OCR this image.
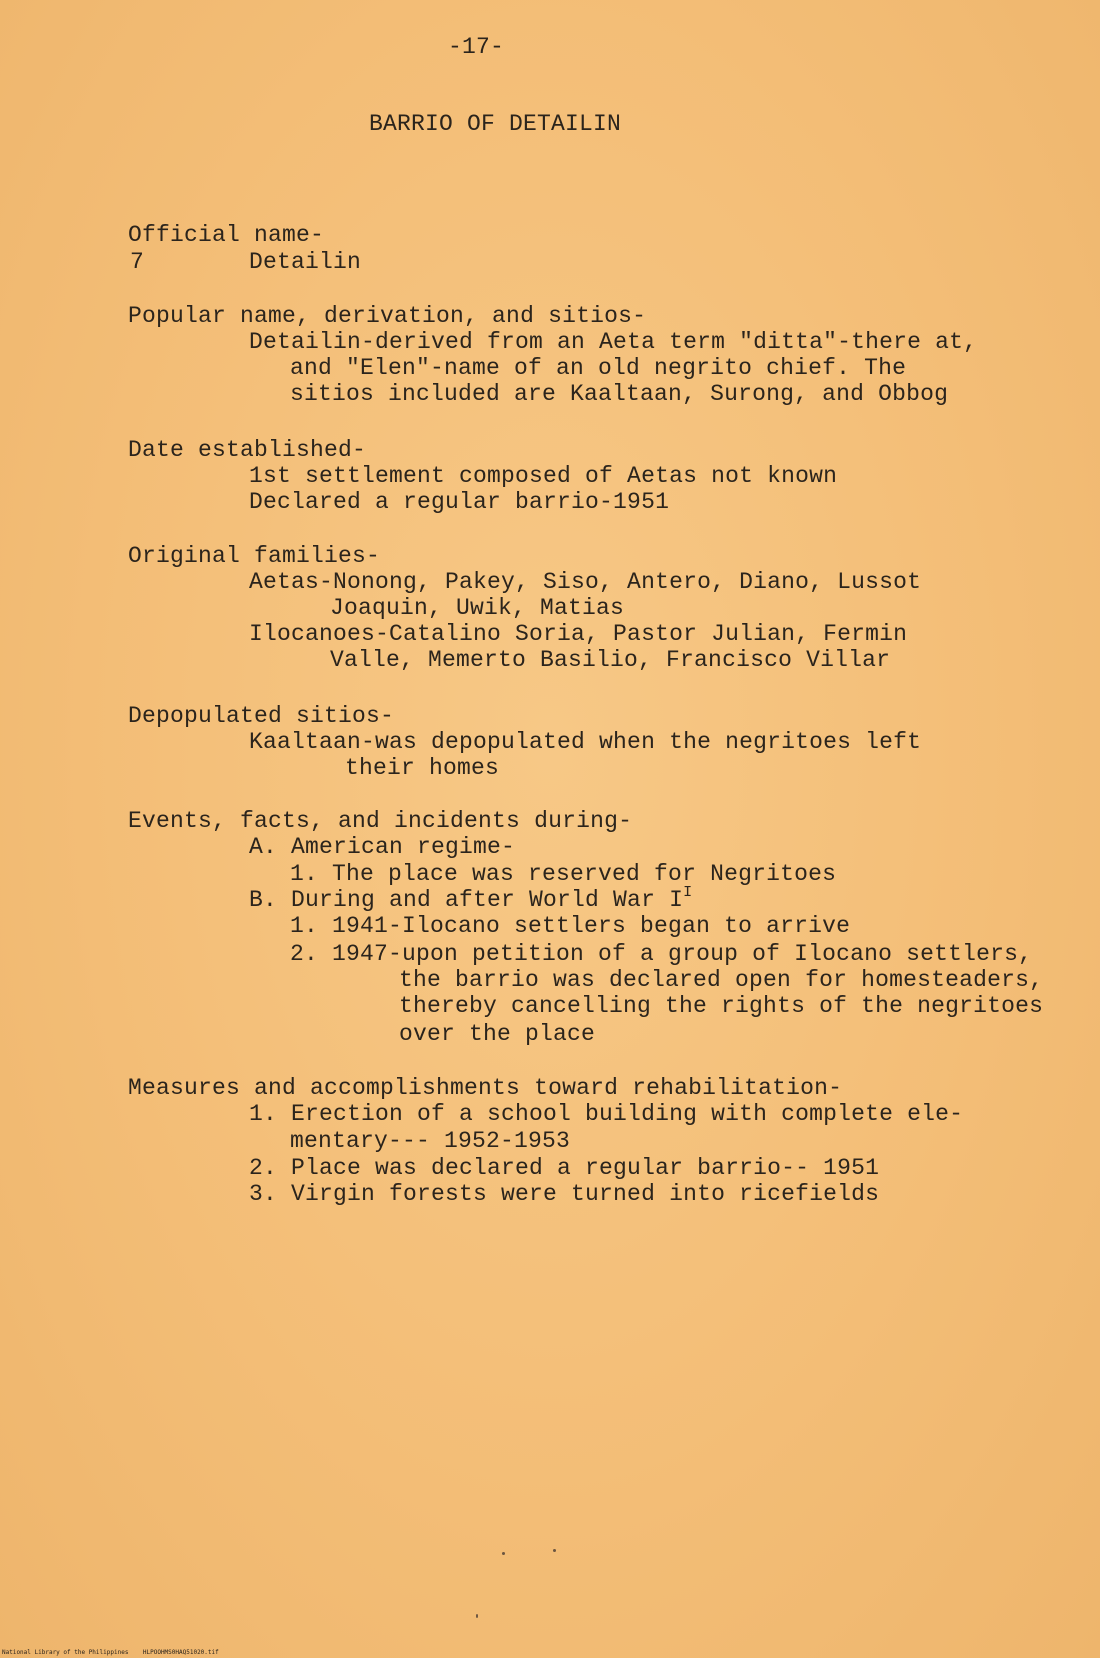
-17-
BARRIO OF DETAILIN
Official name-
7	Detailin
Popular name, derivation, and sitios-
Detailin-derived from an Aeta term "ditta"-there at,
and "Elen"-name of an old negrito chief. The
sitios included are Kaaltaan, Surong, and Obbog
Date established-
1st settlement composed of Aetas not known
Declared a regular barrio-1951
Original families-
Aetas-Nonong, Pakey, Siso, Antero, Diano, Lussot
Joaquin, Uwik, Matias
Ilocanoes-Catalino Soria, Pastor Julian, Fermin
Valle, Memerto Basilio, Francisco Villar
Depopulated sitios-
Kaaltaan-was depopulated when the negritoes left
their homes
Events, facts, and incidents during-
A. American regime-
1. The place was reserved for Negritoes
B. During and after World War $I^I$
1. 1941-Ilocano settlers began to arrive
2. 1947-upon petition of a group of Ilocano settlers,
the barrio was declared open for homesteaders,
thereby cancelling the rights of the negritoes
over the place
Measures and accomplishments toward rehabilitation-
1. Erection of a school building with complete ele-
mentary--- 1952-1953
2. Place was declared a regular barrio-- 1951
3. Virgin forests were turned into ricefields
National Library of the Philippines    HLPOOHMS0HAQ51020.tif
